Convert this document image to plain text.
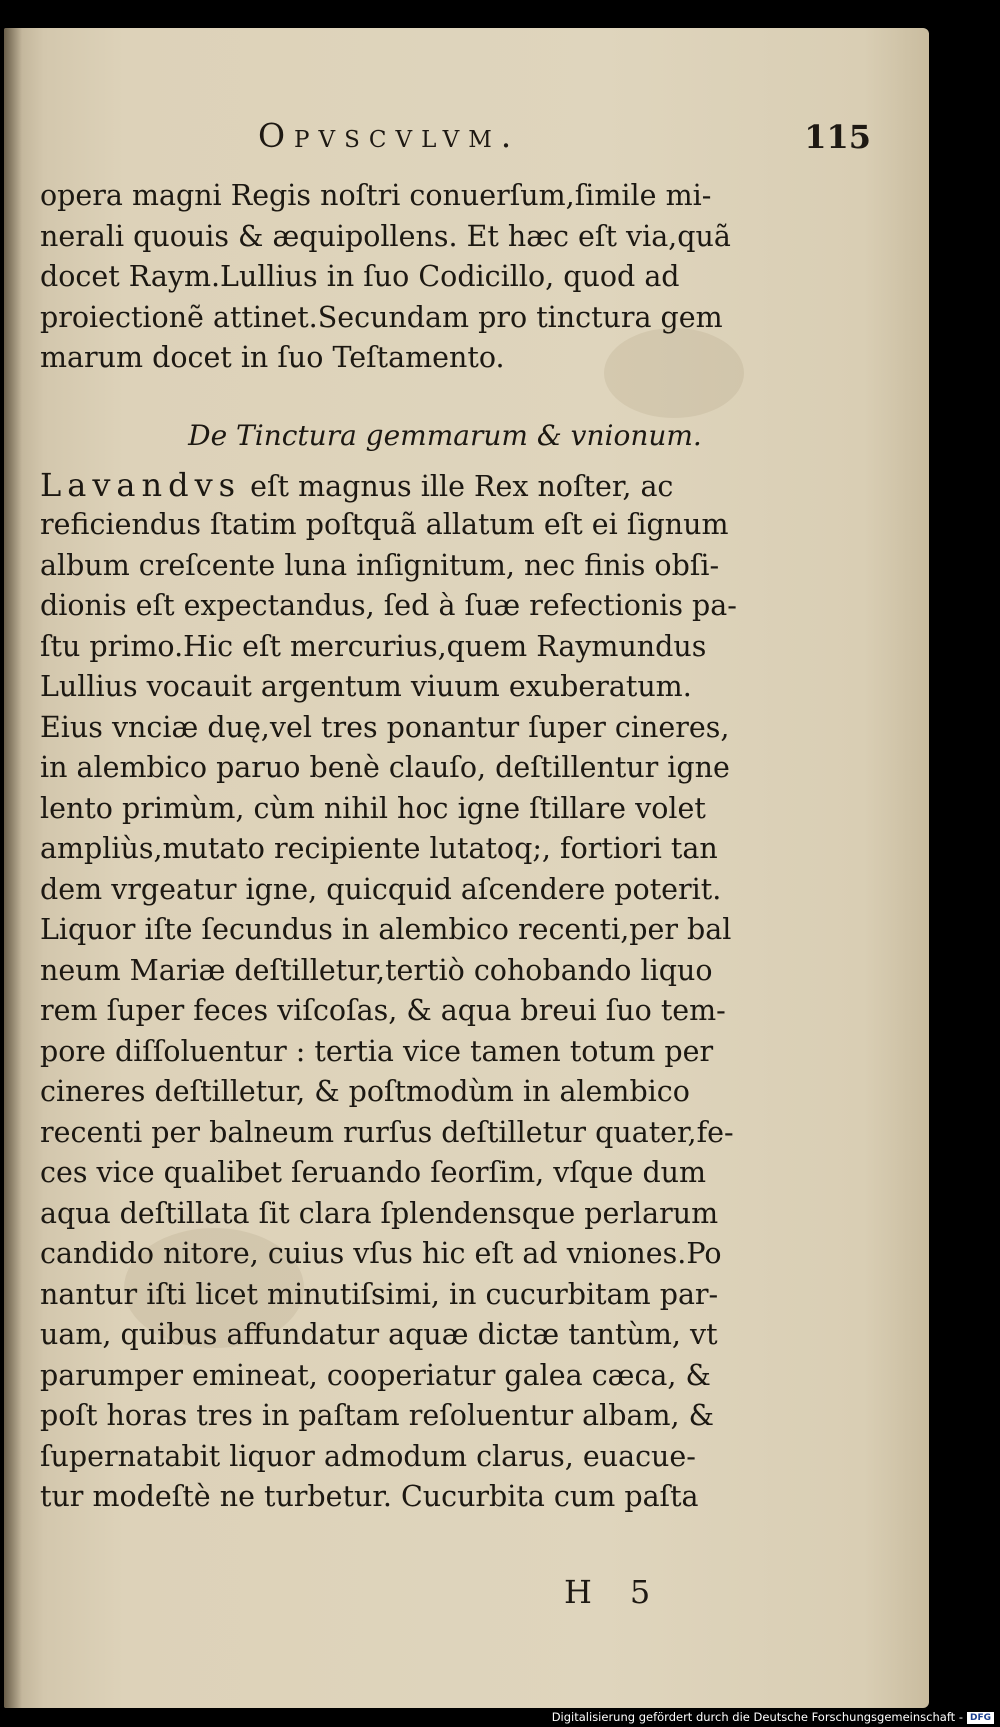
Opvscvlvm.	115
opera magni Regis noſtri conuerſum,ſimile mi-
nerali quouis & æquipollens. Et hæc eſt via,quã
docet Raym.Lullius in ſuo Codicillo, quod ad
proiectionẽ attinet.Secundam pro tinctura gem
marum docet in ſuo Teſtamento.
De Tinctura gemmarum & vnionum.
Lavandvs eſt magnus ille Rex noſter, ac
reficiendus ſtatim poſtquã allatum eſt ei ſignum
album creſcente luna inſignitum, nec finis obſi-
dionis eſt expectandus, ſed à ſuæ refectionis pa-
ſtu primo.Hic eſt mercurius,quem Raymundus
Lullius vocauit argentum viuum exuberatum.
Eius vnciæ duę,vel tres ponantur ſuper cineres,
in alembico paruo benè clauſo, deſtillentur igne
lento primùm, cùm nihil hoc igne ſtillare volet
ampliùs,mutato recipiente lutatoq;, fortiori tan
dem vrgeatur igne, quicquid aſcendere poterit.
Liquor iſte ſecundus in alembico recenti,per bal
neum Mariæ deſtilletur,tertiò cohobando liquo
rem ſuper feces viſcoſas, & aqua breui ſuo tem-
pore diſſoluentur : tertia vice tamen totum per
cineres deſtilletur, & poſtmodùm in alembico
recenti per balneum rurſus deſtilletur quater,fe-
ces vice qualibet ſeruando ſeorſim, vſque dum
aqua deſtillata ſit clara ſplendensque perlarum
candido nitore, cuius vſus hic eſt ad vniones.Po
nantur iſti licet minutiſsimi, in cucurbitam par-
uam, quibus affundatur aquæ dictæ tantùm, vt
parumper emineat, cooperiatur galea cæca, &
poſt horas tres in paſtam reſoluentur albam, &
ſupernatabit liquor admodum clarus, euacue-
tur modeſtè ne turbetur. Cucurbita cum paſta
H 5
Digitalisierung gefördert durch die Deutsche Forschungsgemeinschaft - DFG
